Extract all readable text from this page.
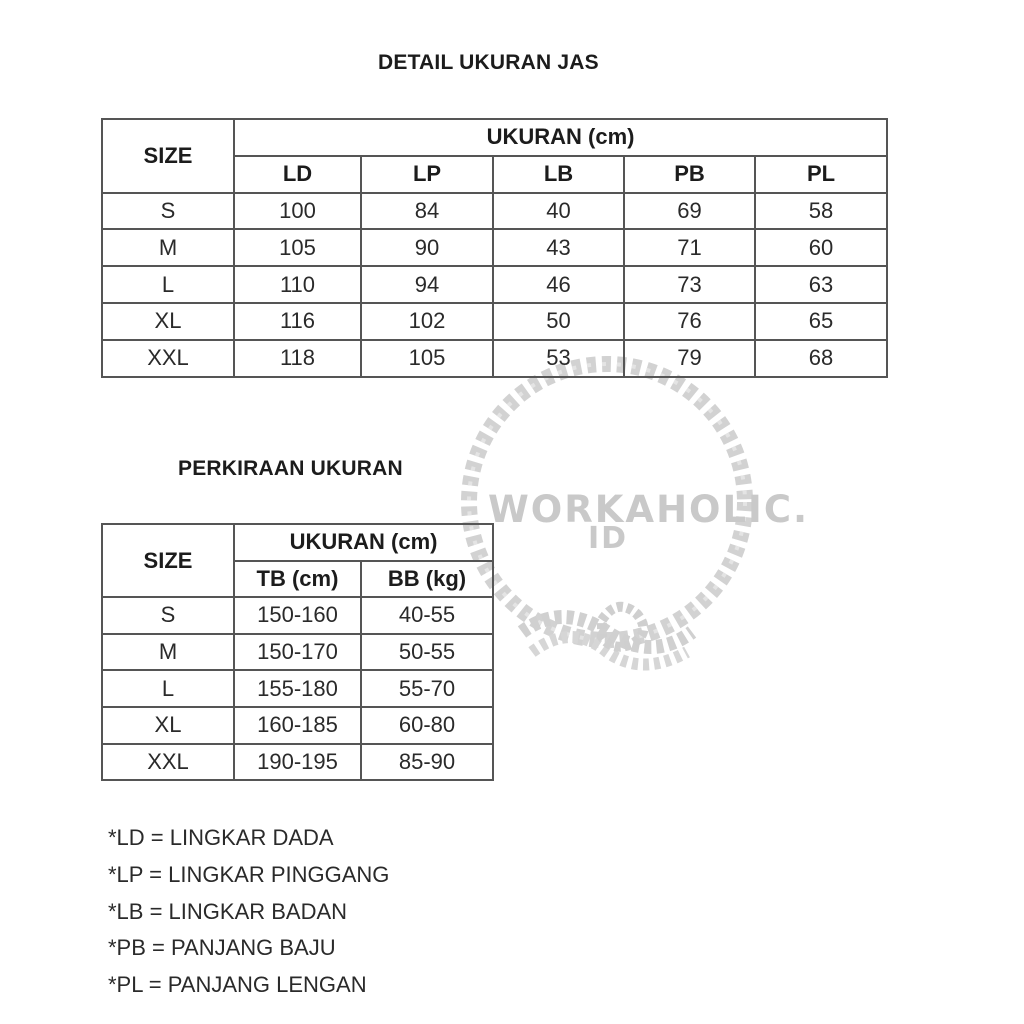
WORKAHOLIC.
ID
DETAIL UKURAN JAS
SIZE	UKURAN (cm)				
	LD	LP	LB	PB	PL
S	100	84	40	69	58
M	105	90	43	71	60
L	110	94	46	73	63
XL	116	102	50	76	65
XXL	118	105	53	79	68
PERKIRAAN UKURAN
SIZE	UKURAN (cm)	
	TB (cm)	BB (kg)
S	150-160	40-55
M	150-170	50-55
L	155-180	55-70
XL	160-185	60-80
XXL	190-195	85-90
*LD = LINGKAR DADA
*LP = LINGKAR PINGGANG
*LB = LINGKAR BADAN
*PB = PANJANG BAJU
*PL = PANJANG LENGAN
